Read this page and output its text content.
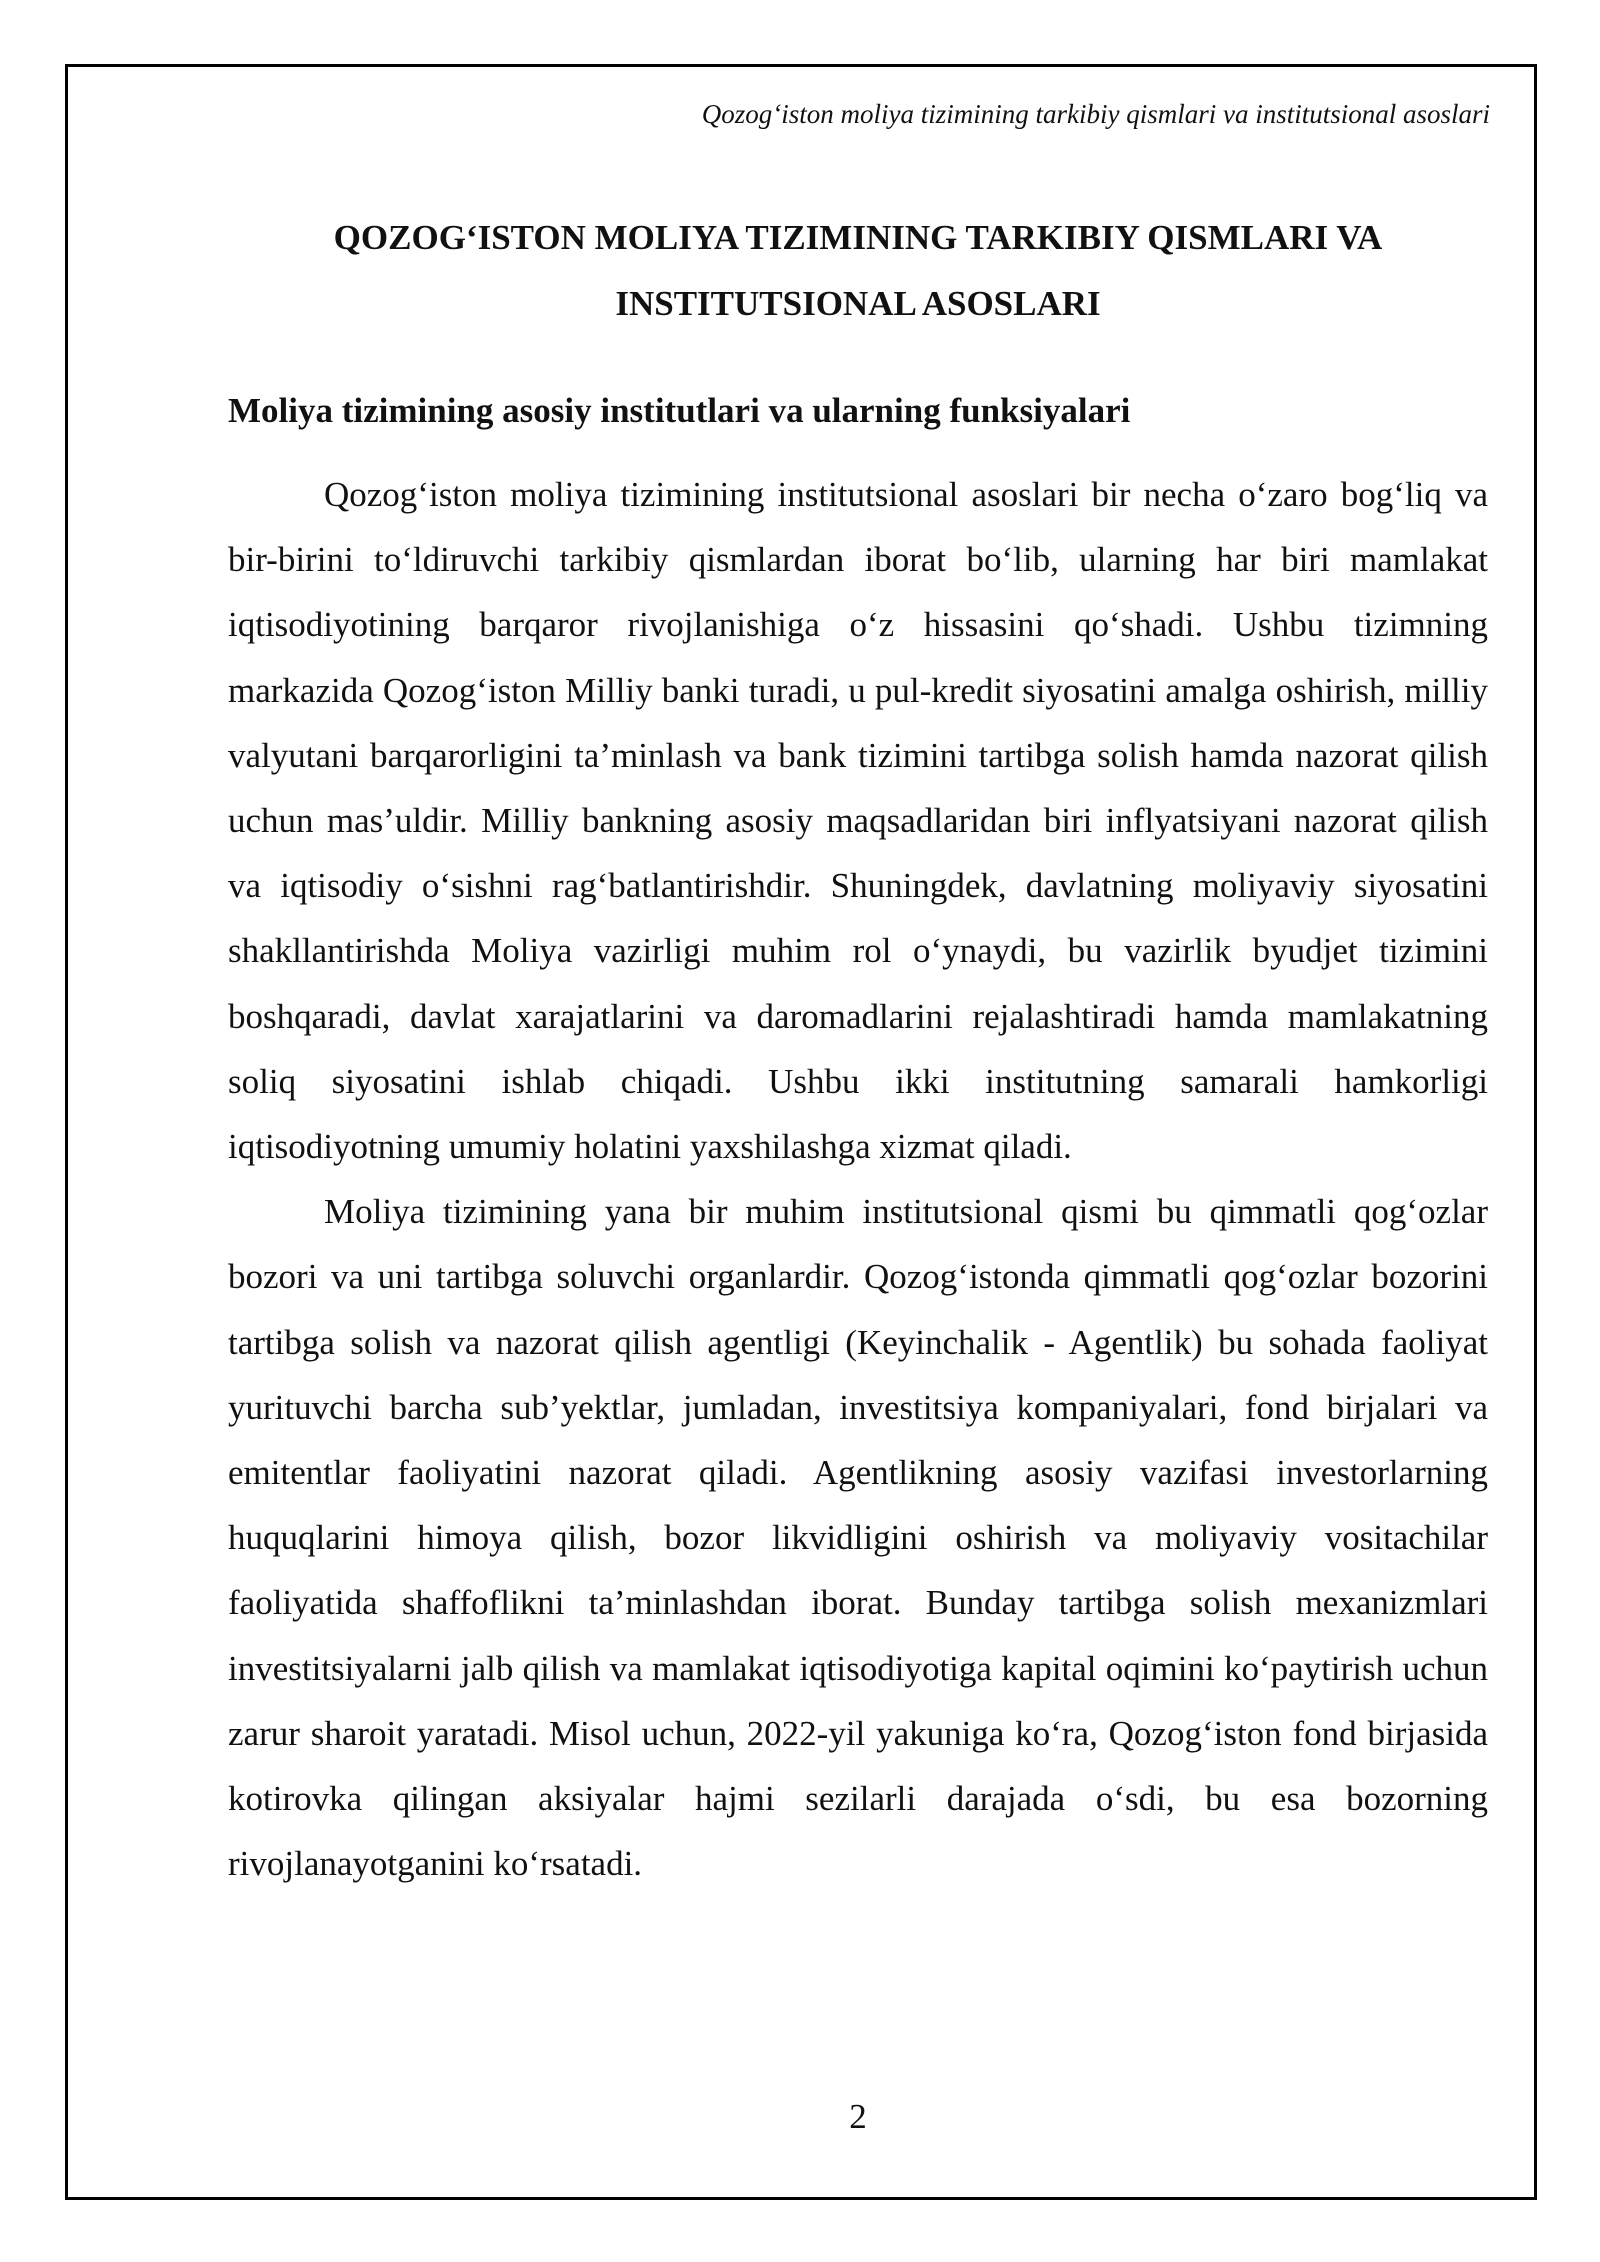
Qozog‘iston moliya tizimining tarkibiy qismlari va institutsional asoslari
QOZOG‘ISTON MOLIYA TIZIMINING TARKIBIY QISMLARI VA
INSTITUTSIONAL ASOSLARI
Moliya tizimining asosiy institutlari va ularning funksiyalari

Qozog‘iston moliya tizimining institutsional asoslari bir necha o‘zaro bog‘liq va bir-birini to‘ldiruvchi tarkibiy qismlardan iborat bo‘lib, ularning har biri mamlakat iqtisodiyotining barqaror rivojlanishiga o‘z hissasini qo‘shadi. Ushbu tizimning markazida Qozog‘iston Milliy banki turadi, u pul-kredit siyosatini amalga oshirish, milliy valyutani barqarorligini ta’minlash va bank tizimini tartibga solish hamda nazorat qilish uchun mas’uldir. Milliy bankning asosiy maqsadlaridan biri inflyatsiyani nazorat qilish va iqtisodiy o‘sishni rag‘batlantirishdir. Shuningdek, davlatning moliyaviy siyosatini shakllantirishda Moliya vazirligi muhim rol o‘ynaydi, bu vazirlik byudjet tizimini boshqaradi, davlat xarajatlarini va daromadlarini rejalashtiradi hamda mamlakatning soliq siyosatini ishlab chiqadi. Ushbu ikki institutning samarali hamkorligi iqtisodiyotning umumiy holatini yaxshilashga xizmat qiladi.

Moliya tizimining yana bir muhim institutsional qismi bu qimmatli qog‘ozlar bozori va uni tartibga soluvchi organlardir. Qozog‘istonda qimmatli qog‘ozlar bozorini tartibga solish va nazorat qilish agentligi (Keyinchalik - Agentlik) bu sohada faoliyat yurituvchi barcha sub’yektlar, jumladan, investitsiya kompaniyalari, fond birjalari va emitentlar faoliyatini nazorat qiladi. Agentlikning asosiy vazifasi investorlarning huquqlarini himoya qilish, bozor likvidligini oshirish va moliyaviy vositachilar faoliyatida shaffoflikni ta’minlashdan iborat. Bunday tartibga solish mexanizmlari investitsiyalarni jalb qilish va mamlakat iqtisodiyotiga kapital oqimini ko‘paytirish uchun zarur sharoit yaratadi. Misol uchun, 2022-yil yakuniga ko‘ra, Qozog‘iston fond birjasida kotirovka qilingan aksiyalar hajmi sezilarli darajada o‘sdi, bu esa bozorning rivojlanayotganini ko‘rsatadi.

2
